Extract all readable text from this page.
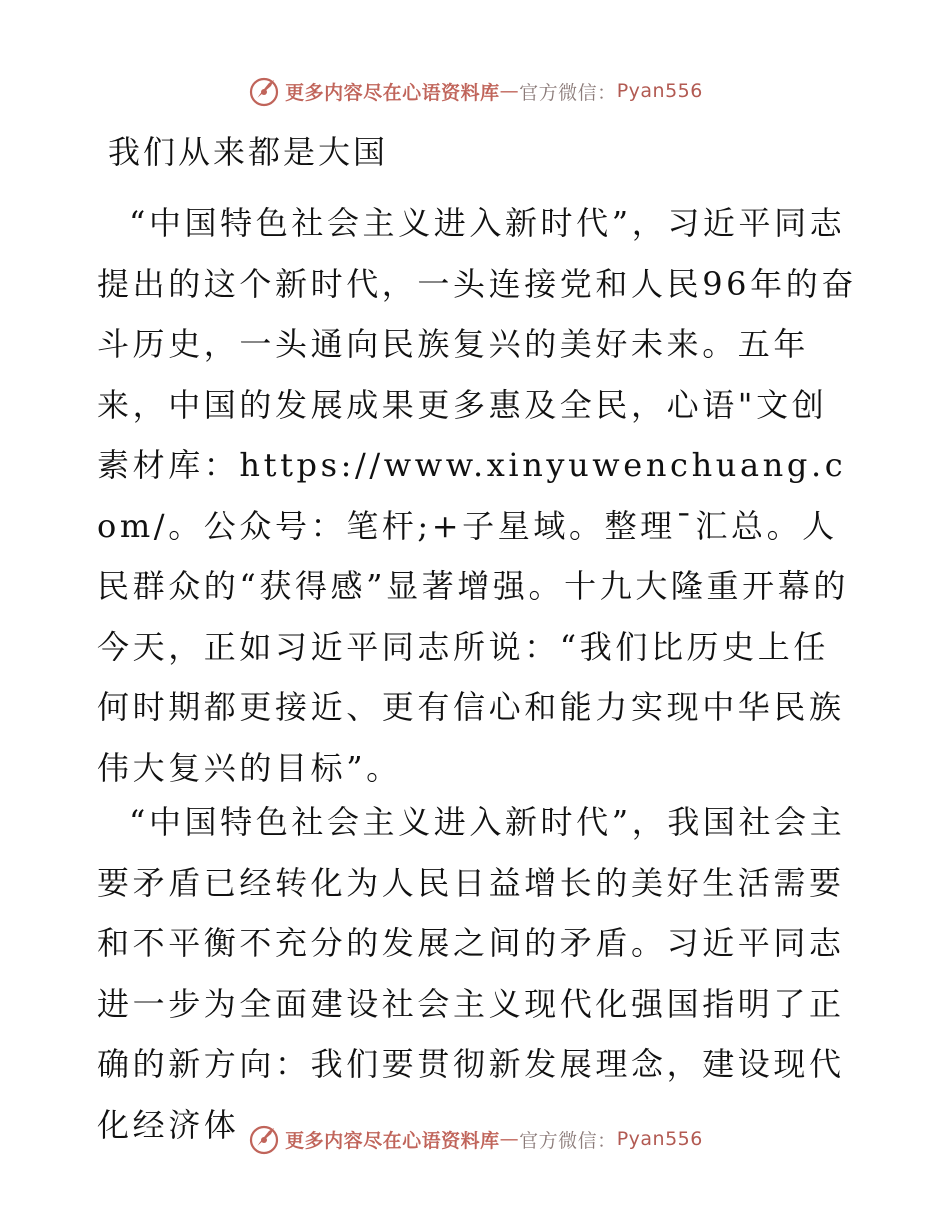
更多内容尽在心语资料库 — 官方微信： Pyan556
我们从来都是大国

“中国特色社会主义进入新时代”，习近平同志提出的这个新时代，一头连接党和人民96年的奋斗历史，一头通向民族复兴的美好未来。五年来，中国的发展成果更多惠及全民，心语"文创素材库：https://www.xinyuwenchuang.com/。公众号：笔杆;+子星域。整理¯汇总。人民群众的“获得感”显著增强。十九大隆重开幕的今天，正如习近平同志所说：“我们比历史上任何时期都更接近、更有信心和能力实现中华民族伟大复兴的目标”。

“中国特色社会主义进入新时代”，我国社会主要矛盾已经转化为人民日益增长的美好生活需要和不平衡不充分的发展之间的矛盾。习近平同志进一步为全面建设社会主义现代化强国指明了正确的新方向：我们要贯彻新发展理念，建设现代化经济体	更多内容尽在心语资料库 — 官方微信： Pyan556
